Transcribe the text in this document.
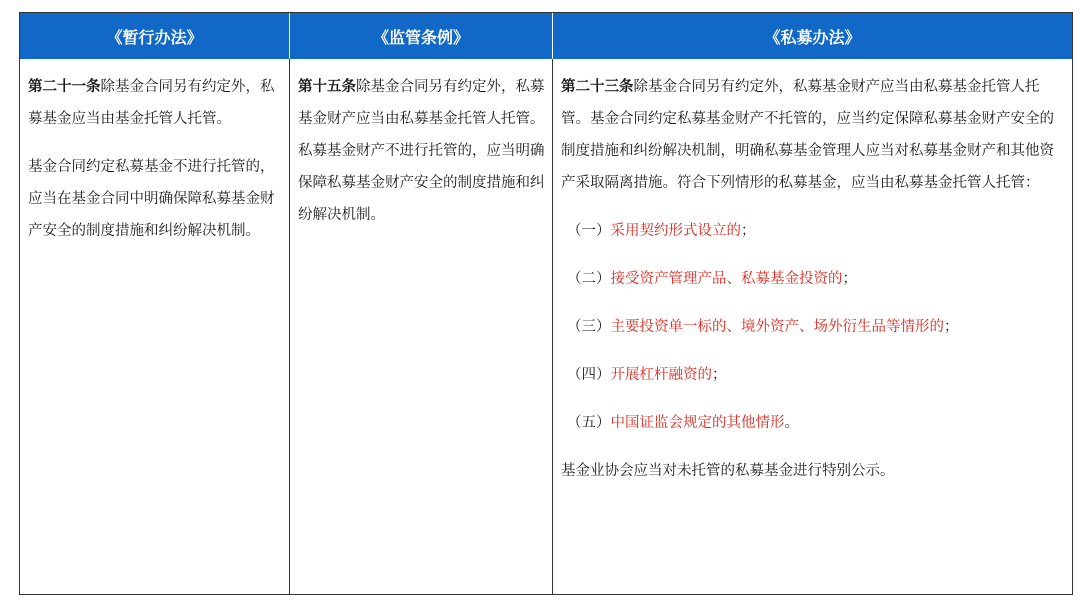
《暂行办法》	《监管条例》	《私募办法》

第二十一条除基金合同另有约定外，私募基金应当由基金托管人托管。

基金合同约定私募基金不进行托管的，应当在基金合同中明确保障私募基金财产安全的制度措施和纠纷解决机制。

第十五条除基金合同另有约定外，私募基金财产应当由私募基金托管人托管。私募基金财产不进行托管的，应当明确保障私募基金财产安全的制度措施和纠纷解决机制。

第二十三条除基金合同另有约定外，私募基金财产应当由私募基金托管人托管。基金合同约定私募基金财产不托管的，应当约定保障私募基金财产安全的制度措施和纠纷解决机制，明确私募基金管理人应当对私募基金财产和其他资产采取隔离措施。符合下列情形的私募基金，应当由私募基金托管人托管：

（一）采用契约形式设立的；
（二）接受资产管理产品、私募基金投资的；
（三）主要投资单一标的、境外资产、场外衍生品等情形的；
（四）开展杠杆融资的；
（五）中国证监会规定的其他情形。

基金业协会应当对未托管的私募基金进行特别公示。
